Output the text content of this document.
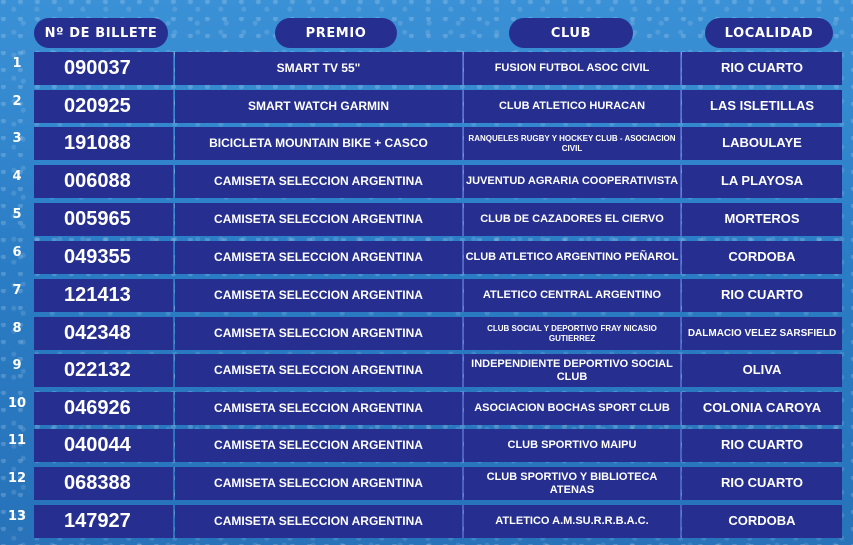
Nº DE BILLETE	PREMIO	CLUB	LOCALIDAD
1	090037	SMART TV 55"	FUSION FUTBOL ASOC CIVIL	RIO CUARTO
2	020925	SMART WATCH GARMIN	CLUB ATLETICO HURACAN	LAS ISLETILLAS
3	191088	BICICLETA MOUNTAIN BIKE + CASCO	RANQUELES RUGBY Y HOCKEY CLUB - ASOCIACION CIVIL	LABOULAYE
4	006088	CAMISETA SELECCION ARGENTINA	JUVENTUD AGRARIA COOPERATIVISTA	LA PLAYOSA
5	005965	CAMISETA SELECCION ARGENTINA	CLUB DE CAZADORES EL CIERVO	MORTEROS
6	049355	CAMISETA SELECCION ARGENTINA	CLUB ATLETICO ARGENTINO PEÑAROL	CORDOBA
7	121413	CAMISETA SELECCION ARGENTINA	ATLETICO CENTRAL ARGENTINO	RIO CUARTO
8	042348	CAMISETA SELECCION ARGENTINA	CLUB SOCIAL Y DEPORTIVO FRAY NICASIO GUTIERREZ	DALMACIO VELEZ SARSFIELD
9	022132	CAMISETA SELECCION ARGENTINA	INDEPENDIENTE DEPORTIVO SOCIAL CLUB	OLIVA
10	046926	CAMISETA SELECCION ARGENTINA	ASOCIACION BOCHAS SPORT CLUB	COLONIA CAROYA
11	040044	CAMISETA SELECCION ARGENTINA	CLUB SPORTIVO MAIPU	RIO CUARTO
12	068388	CAMISETA SELECCION ARGENTINA	CLUB SPORTIVO Y BIBLIOTECA ATENAS	RIO CUARTO
13	147927	CAMISETA SELECCION ARGENTINA	ATLETICO A.M.SU.R.R.B.A.C.	CORDOBA
